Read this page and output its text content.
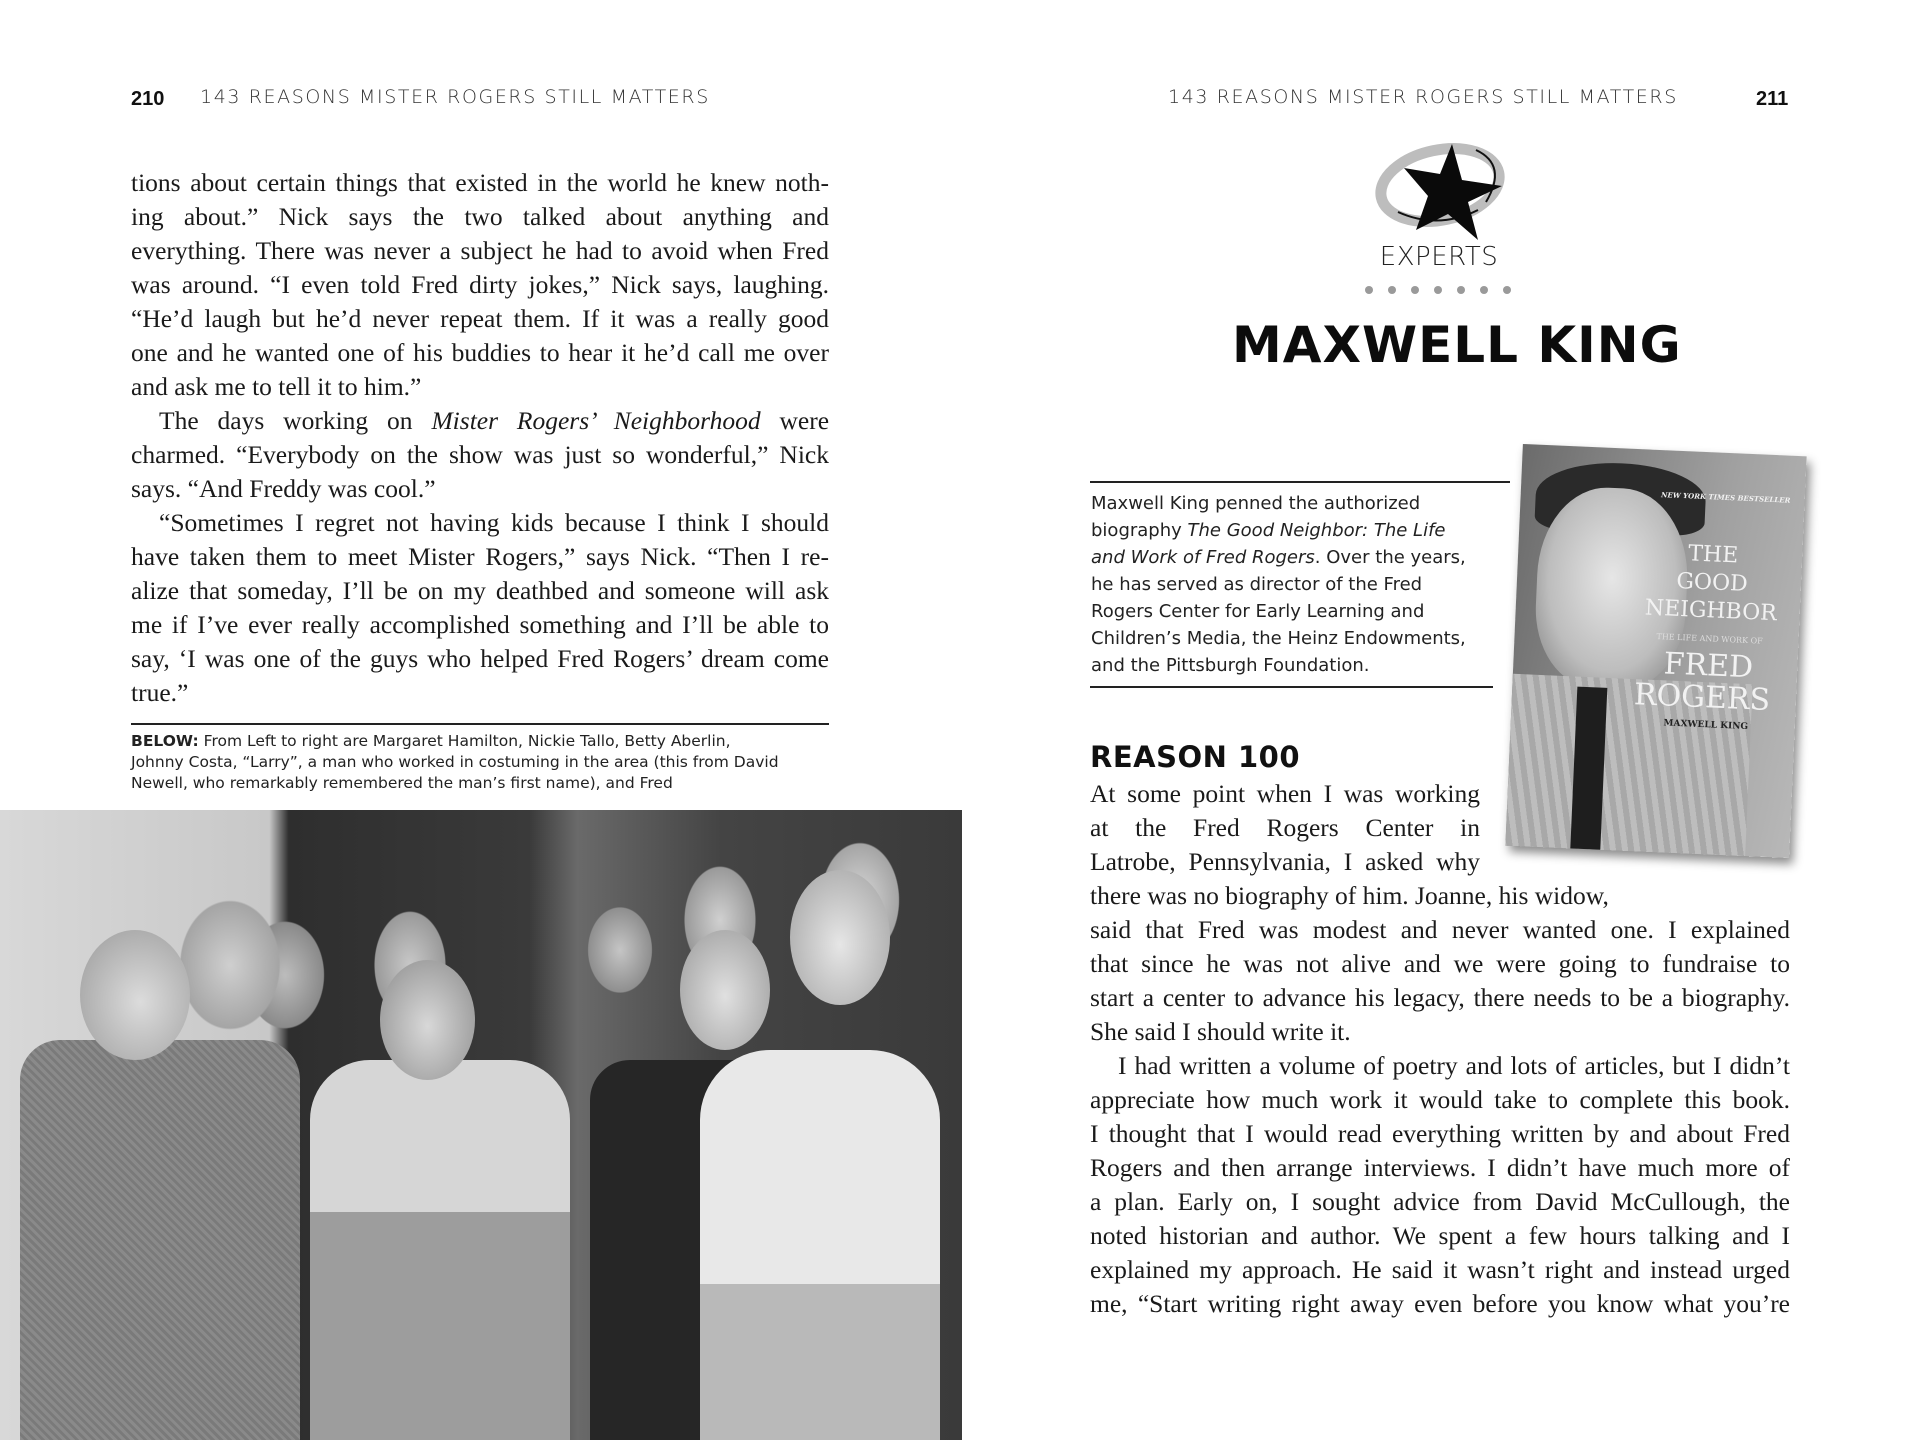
210 143 REASONS MISTER ROGERS STILL MATTERS
tions about certain things that existed in the world he knew noth-
ing about.” Nick says the two talked about anything and
everything. There was never a subject he had to avoid when Fred
was around. “I even told Fred dirty jokes,” Nick says, laughing.
“He’d laugh but he’d never repeat them. If it was a really good
one and he wanted one of his buddies to hear it he’d call me over
and ask me to tell it to him.”
The days working on Mister Rogers’ Neighborhood were
charmed. “Everybody on the show was just so wonderful,” Nick
says. “And Freddy was cool.”
“Sometimes I regret not having kids because I think I should
have taken them to meet Mister Rogers,” says Nick. “Then I re-
alize that someday, I’ll be on my deathbed and someone will ask
me if I’ve ever really accomplished something and I’ll be able to
say, ‘I was one of the guys who helped Fred Rogers’ dream come
true.”
BELOW: From Left to right are Margaret Hamilton, Nickie Tallo, Betty Aberlin,
Johnny Costa, “Larry”, a man who worked in costuming in the area (this from David
Newell, who remarkably remembered the man’s first name), and Fred
143 REASONS MISTER ROGERS STILL MATTERS	211
EXPERTS
MAXWELL KING
Maxwell King penned the authorized
biography The Good Neighbor: The Life
and Work of Fred Rogers. Over the years,
he has served as director of the Fred
Rogers Center for Early Learning and
Children’s Media, the Heinz Endowments,
and the Pittsburgh Foundation.
NEW YORK TIMES BESTSELLER
THE
GOOD
NEIGHBOR
THE LIFE AND WORK OF
FRED
ROGERS
MAXWELL KING
REASON 100
At some point when I was working
at the Fred Rogers Center in
Latrobe, Pennsylvania, I asked why
there was no biography of him. Joanne, his widow,
said that Fred was modest and never wanted one. I explained
that since he was not alive and we were going to fundraise to
start a center to advance his legacy, there needs to be a biography.
She said I should write it.
I had written a volume of poetry and lots of articles, but I didn’t
appreciate how much work it would take to complete this book.
I thought that I would read everything written by and about Fred
Rogers and then arrange interviews. I didn’t have much more of
a plan. Early on, I sought advice from David McCullough, the
noted historian and author. We spent a few hours talking and I
explained my approach. He said it wasn’t right and instead urged
me, “Start writing right away even before you know what you’re
